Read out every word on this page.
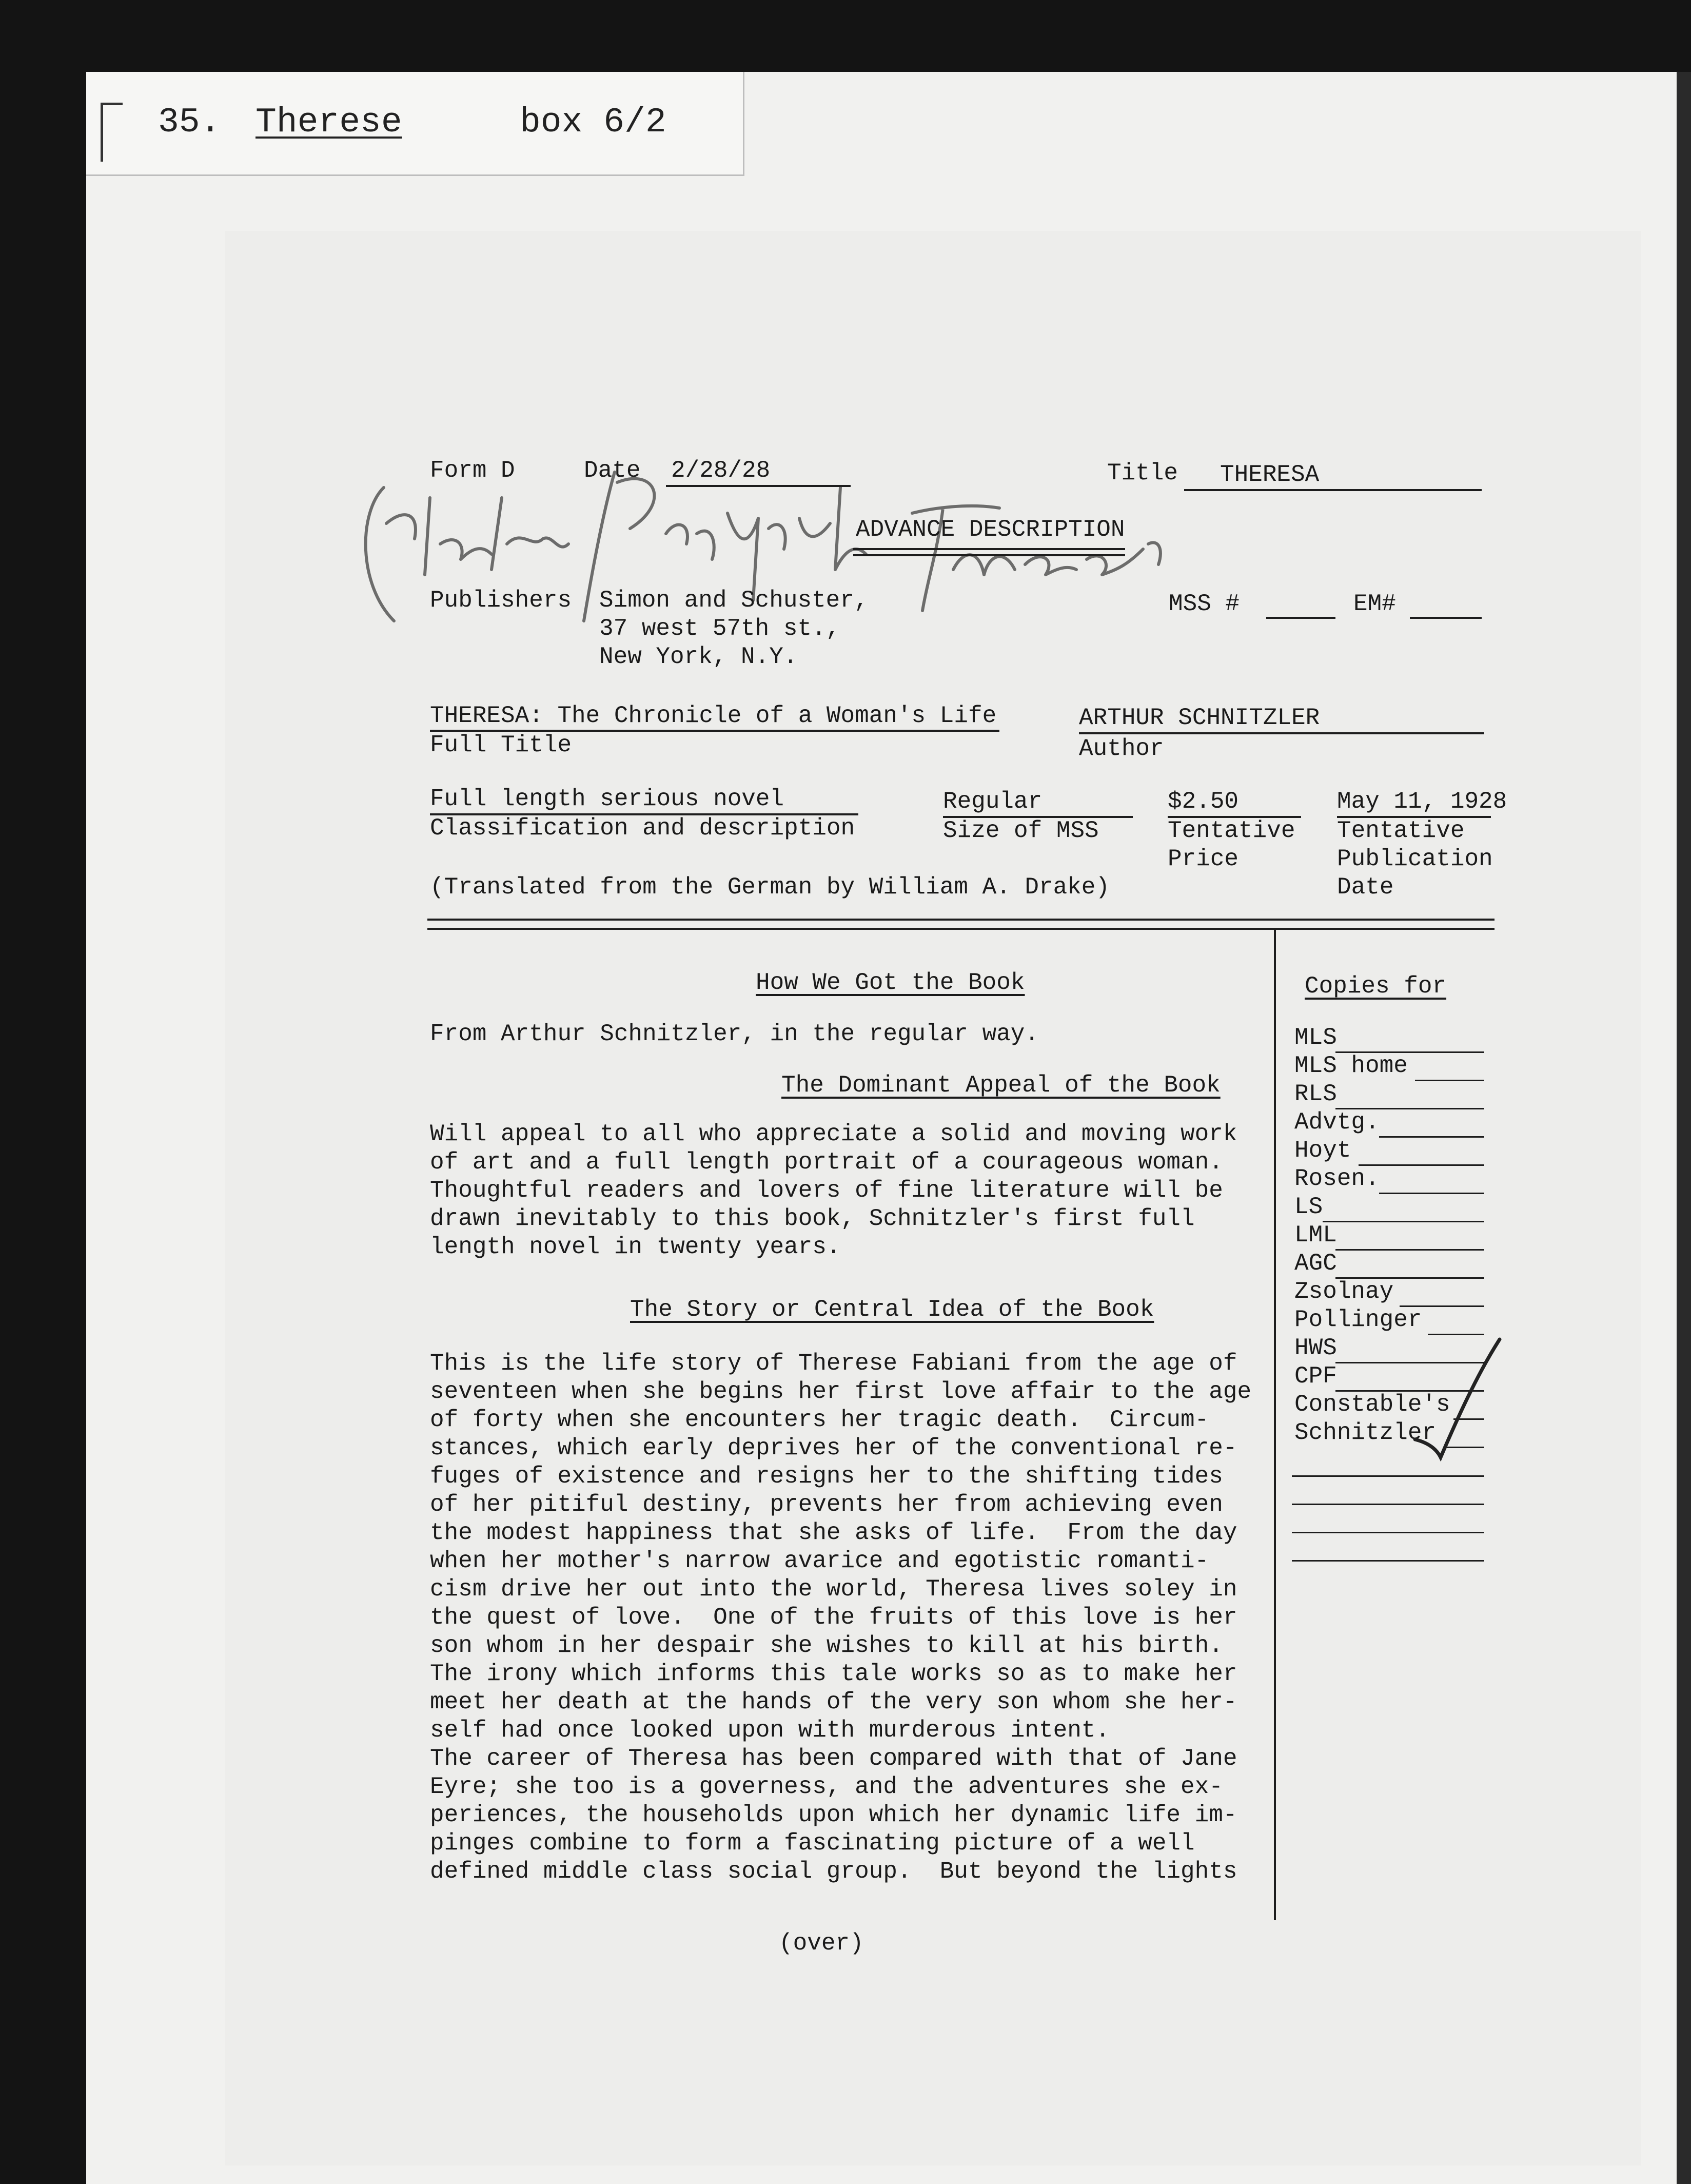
35. Therese	box 6/2
Form D	Date 2/28/28	Title THERESA
ADVANCE DESCRIPTION
Publishers Simon and Schuster,
37 west 57th st.,
New York, N.Y.
MSS #	EM#
THERESA: The Chronicle of a Woman's Life
Full Title
ARTHUR SCHNITZLER
Author
Full length serious novel
Classification and description
Regular
Size of MSS
$2.50
Tentative
Price
May 11, 1928
Tentative
Publication
Date
(Translated from the German by William A. Drake)
How We Got the Book
From Arthur Schnitzler, in the regular way.
The Dominant Appeal of the Book
Will appeal to all who appreciate a solid and moving work
of art and a full length portrait of a courageous woman.
Thoughtful readers and lovers of fine literature will be
drawn inevitably to this book, Schnitzler's first full
length novel in twenty years.
The Story or Central Idea of the Book
This is the life story of Therese Fabiani from the age of
seventeen when she begins her first love affair to the age
of forty when she encounters her tragic death.  Circum-
stances, which early deprives her of the conventional re-
fuges of existence and resigns her to the shifting tides
of her pitiful destiny, prevents her from achieving even
the modest happiness that she asks of life.  From the day
when her mother's narrow avarice and egotistic romanti-
cism drive her out into the world, Theresa lives soley in
the quest of love.  One of the fruits of this love is her
son whom in her despair she wishes to kill at his birth.
The irony which informs this tale works so as to make her
meet her death at the hands of the very son whom she her-
self had once looked upon with murderous intent.
The career of Theresa has been compared with that of Jane
Eyre; she too is a governess, and the adventures she ex-
periences, the households upon which her dynamic life im-
pinges combine to form a fascinating picture of a well
defined middle class social group.  But beyond the lights
(over)
Copies for
MLS
MLS home
RLS
Advtg.
Hoyt
Rosen.
LS
LML
AGC
Zsolnay
Pollinger
HWS
CPF
Constable's
Schnitzler
